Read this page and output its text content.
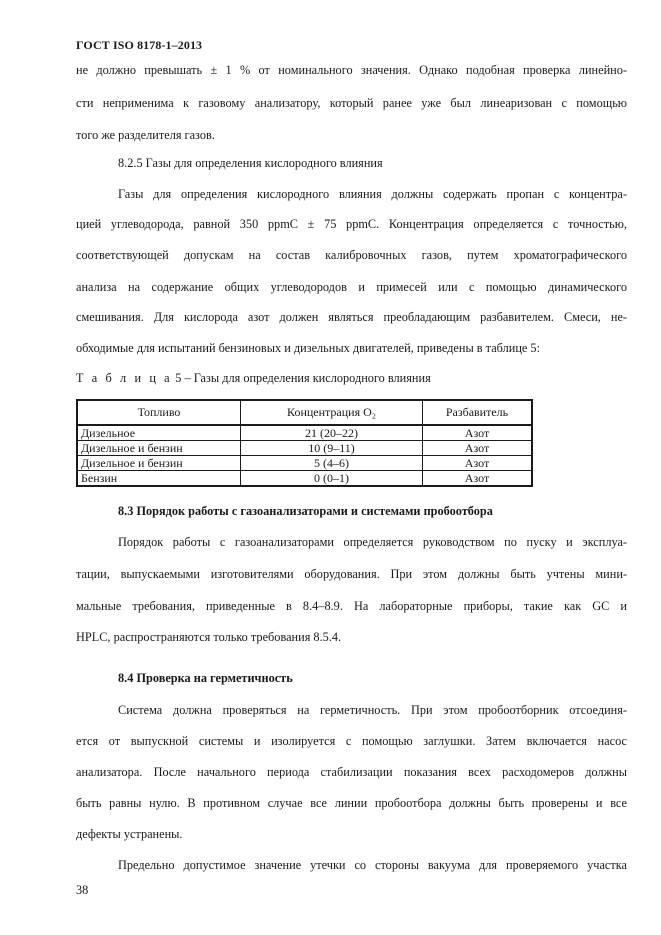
ГОСТ ISO 8178-1–2013
не должно превышать ± 1 % от номинального значения. Однако подобная проверка линейно-
сти неприменима к газовому анализатору, который ранее уже был линеаризован с помощью
того же разделителя газов.
8.2.5 Газы для определения кислородного влияния
Газы для определения кислородного влияния должны содержать пропан с концентра-
цией углеводорода, равной 350 ppmC ± 75 ppmC. Концентрация определяется с точностью,
соответствующей допускам на состав калибровочных газов, путем хроматографического
анализа на содержание общих углеводородов и примесей или с помощью динамического
смешивания. Для кислорода азот должен являться преобладающим разбавителем. Смеси, не-
обходимые для испытаний бензиновых и дизельных двигателей, приведены в таблице 5:
Т а б л и ц а 5 – Газы для определения кислородного влияния
Топливо	Концентрация O₂	Разбавитель
Дизельное	21 (20–22)	Азот
Дизельное и бензин	10 (9–11)	Азот
Дизельное и бензин	5 (4–6)	Азот
Бензин	0 (0–1)	Азот
8.3 Порядок работы с газоанализаторами и системами пробоотбора
Порядок работы с газоанализаторами определяется руководством по пуску и эксплуа-
тации, выпускаемыми изготовителями оборудования. При этом должны быть учтены мини-
мальные требования, приведенные в 8.4–8.9. На лабораторные приборы, такие как GC и
HPLC, распространяются только требования 8.5.4.
8.4 Проверка на герметичность
Система должна проверяться на герметичность. При этом пробоотборник отсоединя-
ется от выпускной системы и изолируется с помощью заглушки. Затем включается насос
анализатора. После начального периода стабилизации показания всех расходомеров должны
быть равны нулю. В противном случае все линии пробоотбора должны быть проверены и все
дефекты устранены.
Предельно допустимое значение утечки со стороны вакуума для проверяемого участка
38
